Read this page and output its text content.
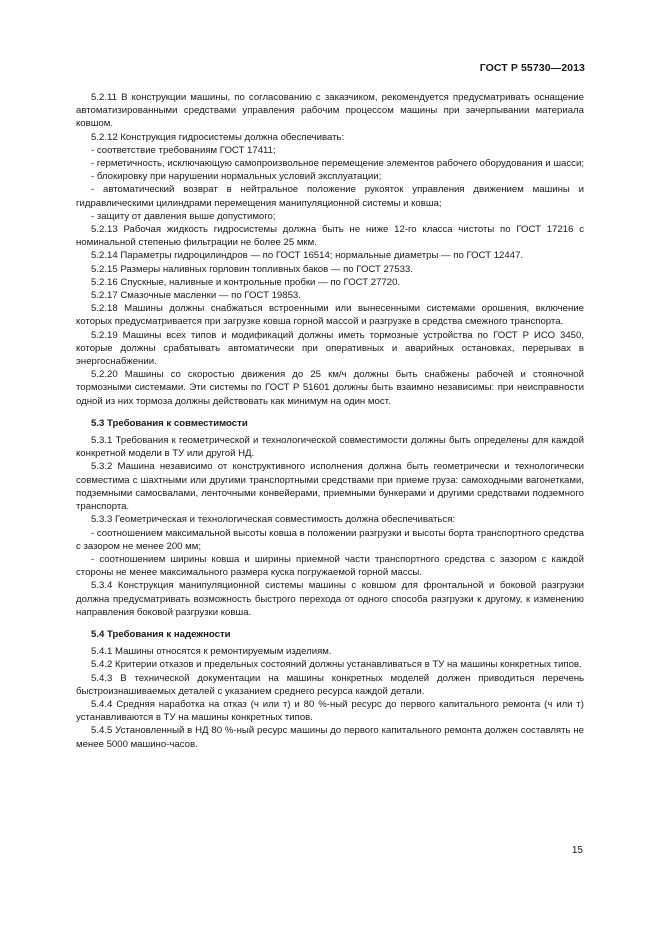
ГОСТ Р 55730—2013

5.2.11 В конструкции машины, по согласованию с заказчиком, рекомендуется предусматривать оснащение автоматизированными средствами управления рабочим процессом машины при зачерпывании материала ковшом.

5.2.12 Конструкция гидросистемы должна обеспечивать:

- соответствие требованиям ГОСТ 17411;

- герметичность, исключающую самопроизвольное перемещение элементов рабочего оборудования и шасси;

- блокировку при нарушении нормальных условий эксплуатации;

- автоматический возврат в нейтральное положение рукояток управления движением машины и гидравлическими цилиндрами перемещения манипуляционной системы и ковша;

- защиту от давления выше допустимого;

5.2.13 Рабочая жидкость гидросистемы должна быть не ниже 12-го класса чистоты по ГОСТ 17216 с номинальной степенью фильтрации не более 25 мкм.

5.2.14 Параметры гидроцилиндров — по ГОСТ 16514; нормальные диаметры — по ГОСТ 12447.

5.2.15 Размеры наливных горловин топливных баков — по ГОСТ 27533.

5.2.16 Спускные, наливные и контрольные пробки — по ГОСТ 27720.

5.2.17 Смазочные масленки — по ГОСТ 19853.

5.2.18 Машины должны снабжаться встроенными или вынесенными системами орошения, включение которых предусматривается при загрузке ковша горной массой и разгрузке в средства смежного транспорта.

5.2.19 Машины всех типов и модификаций должны иметь тормозные устройства по ГОСТ Р ИСО 3450, которые должны срабатывать автоматически при оперативных и аварийных остановках, перерывах в энергоснабжении.

5.2.20 Машины со скоростью движения до 25 км/ч должны быть снабжены рабочей и стояночной тормозными системами. Эти системы по ГОСТ Р 51601 должны быть взаимно независимы: при неисправности одной из них тормоза должны действовать как минимум на один мост.

5.3 Требования к совместимости

5.3.1 Требования к геометрической и технологической совместимости должны быть определены для каждой конкретной модели в ТУ или другой НД.

5.3.2 Машина независимо от конструктивного исполнения должна быть геометрически и технологически совместима с шахтными или другими транспортными средствами при приеме груза: самоходными вагонетками, подземными самосвалами, ленточными конвейерами, приемными бункерами и другими средствами подземного транспорта.

5.3.3 Геометрическая и технологическая совместимость должна обеспечиваться:

- соотношением максимальной высоты ковша в положении разгрузки и высоты борта транспортного средства с зазором не менее 200 мм;

- соотношением ширины ковша и ширины приемной части транспортного средства с зазором с каждой стороны не менее максимального размера куска погружаемой горной массы.

5.3.4 Конструкция манипуляционной системы машины с ковшом для фронтальной и боковой разгрузки должна предусматривать возможность быстрого перехода от одного способа разгрузки к другому, к изменению направления боковой разгрузки ковша.

5.4 Требования к надежности

5.4.1 Машины относятся к ремонтируемым изделиям.

5.4.2 Критерии отказов и предельных состояний должны устанавливаться в ТУ на машины конкретных типов.

5.4.3 В технической документации на машины конкретных моделей должен приводиться перечень быстроизнашиваемых деталей с указанием среднего ресурса каждой детали.

5.4.4 Средняя наработка на отказ (ч или т) и 80 %-ный ресурс до первого капитального ремонта (ч или т) устанавливаются в ТУ на машины конкретных типов.

5.4.5 Установленный в НД 80 %-ный ресурс машины до первого капитального ремонта должен составлять не менее 5000 машино-часов.

15
